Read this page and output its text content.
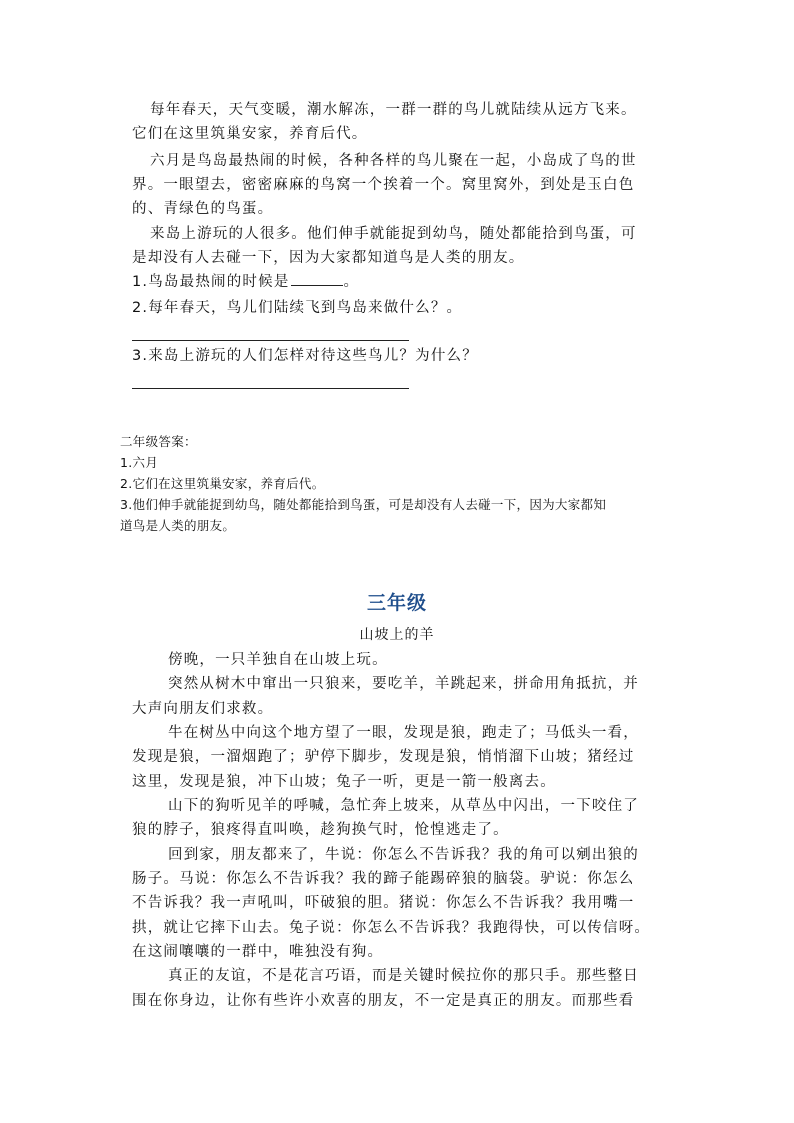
每年春天，天气变暖，潮水解冻，一群一群的鸟儿就陆续从远方飞来。

它们在这里筑巢安家，养育后代。

六月是鸟岛最热闹的时候，各种各样的鸟儿聚在一起，小岛成了鸟的世

界。一眼望去，密密麻麻的鸟窝一个挨着一个。窝里窝外，到处是玉白色

的、青绿色的鸟蛋。

来岛上游玩的人很多。他们伸手就能捉到幼鸟，随处都能拾到鸟蛋，可

是却没有人去碰一下，因为大家都知道鸟是人类的朋友。

1.鸟岛最热闹的时候是	。

2.每年春天，鸟儿们陆续飞到鸟岛来做什么？。

3.来岛上游玩的人们怎样对待这些鸟儿？为什么？

二年级答案：

1.六月

2.它们在这里筑巢安家，养育后代。

3.他们伸手就能捉到幼鸟，随处都能拾到鸟蛋，可是却没有人去碰一下，因为大家都知

道鸟是人类的朋友。

三年级
山坡上的羊

傍晚，一只羊独自在山坡上玩。

突然从树木中窜出一只狼来，要吃羊，羊跳起来，拼命用角抵抗，并

大声向朋友们求救。

牛在树丛中向这个地方望了一眼，发现是狼，跑走了；马低头一看，

发现是狼，一溜烟跑了；驴停下脚步，发现是狼，悄悄溜下山坡；猪经过

这里，发现是狼，冲下山坡；兔子一听，更是一箭一般离去。

山下的狗听见羊的呼喊，急忙奔上坡来，从草丛中闪出，一下咬住了

狼的脖子，狼疼得直叫唤，趁狗换气时，怆惶逃走了。

回到家，朋友都来了，牛说：你怎么不告诉我？我的角可以剜出狼的

肠子。马说：你怎么不告诉我？我的蹄子能踢碎狼的脑袋。驴说：你怎么

不告诉我？我一声吼叫，吓破狼的胆。猪说：你怎么不告诉我？我用嘴一

拱，就让它摔下山去。兔子说：你怎么不告诉我？我跑得快，可以传信呀。

在这闹嚷嚷的一群中，唯独没有狗。

真正的友谊，不是花言巧语，而是关键时候拉你的那只手。那些整日

围在你身边，让你有些许小欢喜的朋友，不一定是真正的朋友。而那些看
